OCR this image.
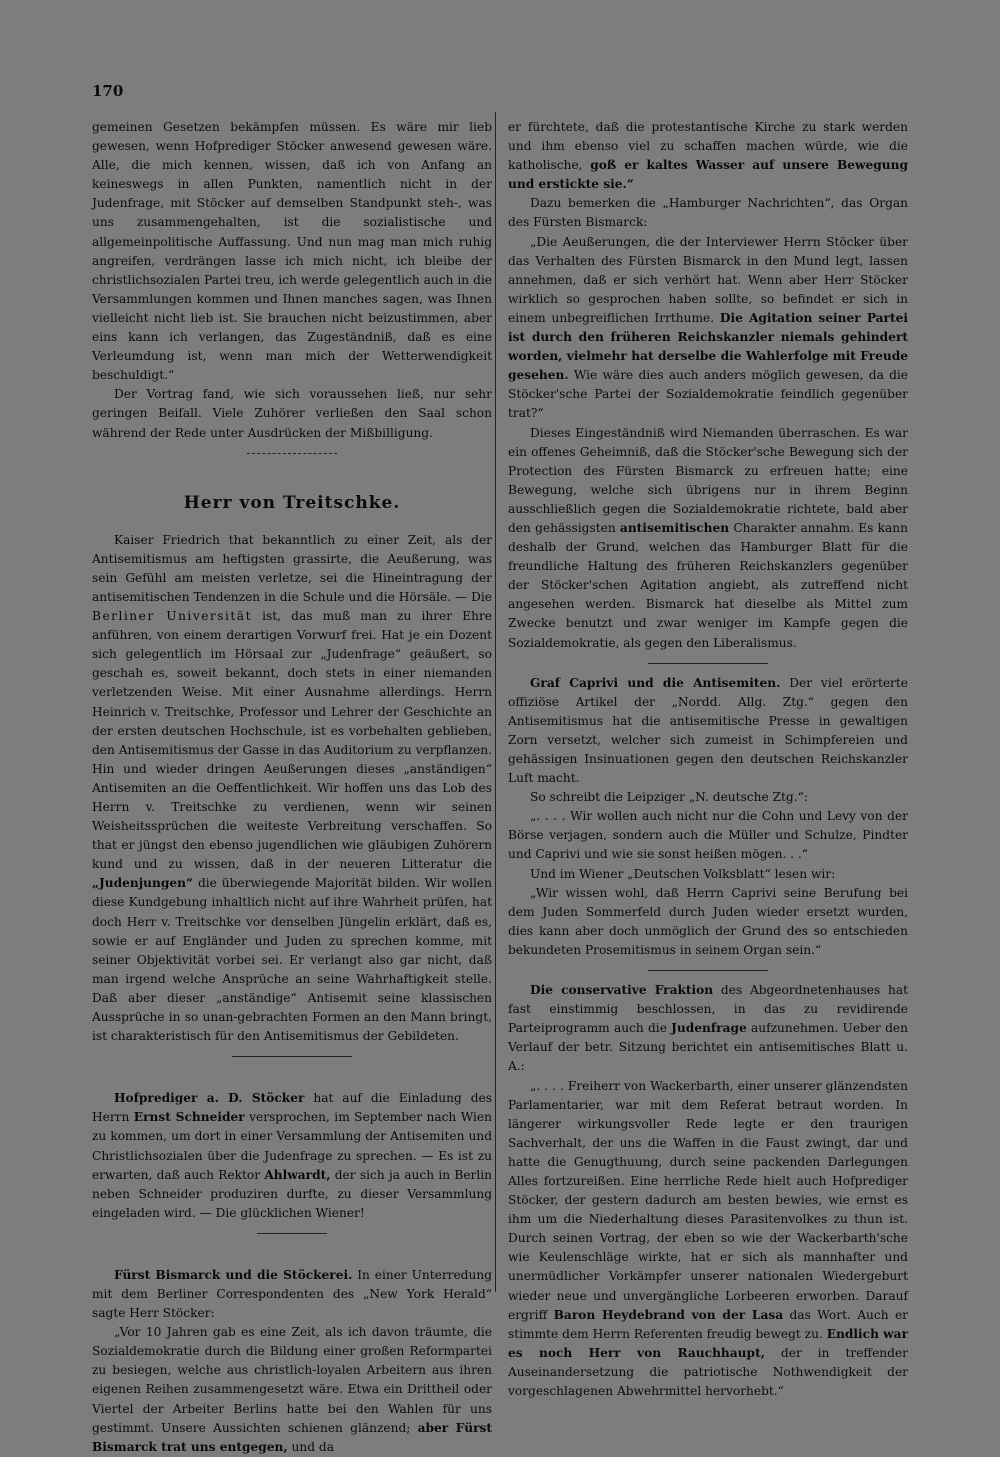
170

gemeinen Gesetzen bekämpfen müssen. Es wäre mir lieb gewesen, wenn Hofprediger Stöcker anwesend gewesen wäre. Alle, die mich kennen, wissen, daß ich von Anfang an keineswegs in allen Punkten, namentlich nicht in der Judenfrage, mit Stöcker auf demselben Standpunkt steh-, was uns zusammengehalten, ist die sozialistische und allgemeinpolitische Auffassung. Und nun mag man mich ruhig angreifen, verdrängen lasse ich mich nicht, ich bleibe der christlichsozialen Partei treu, ich werde gelegentlich auch in die Versammlungen kommen und Ihnen manches sagen, was Ihnen vielleicht nicht lieb ist. Sie brauchen nicht beizustimmen, aber eins kann ich verlangen, das Zugeständniß, daß es eine Verleumdung ist, wenn man mich der Wetterwendigkeit beschuldigt.“

Der Vortrag fand, wie sich voraussehen ließ, nur sehr geringen Beifall. Viele Zuhörer verließen den Saal schon während der Rede unter Ausdrücken der Mißbilligung.

Herr von Treitschke.

Kaiser Friedrich that bekanntlich zu einer Zeit, als der Antisemitismus am heftigsten grassirte, die Aeußerung, was sein Gefühl am meisten verletze, sei die Hineintragung der antisemitischen Tendenzen in die Schule und die Hörsäle. — Die Berliner Universität ist, das muß man zu ihrer Ehre anführen, von einem derartigen Vorwurf frei. Hat je ein Dozent sich gelegentlich im Hörsaal zur „Judenfrage“ geäußert, so geschah es, soweit bekannt, doch stets in einer niemanden verletzenden Weise. Mit einer Ausnahme allerdings. Herrn Heinrich v. Treitschke, Professor und Lehrer der Geschichte an der ersten deutschen Hochschule, ist es vorbehalten geblieben, den Antisemitismus der Gasse in das Auditorium zu verpflanzen. Hin und wieder dringen Aeußerungen dieses „anständigen“ Antisemiten an die Oeffentlichkeit. Wir hoffen uns das Lob des Herrn v. Treitschke zu verdienen, wenn wir seinen Weisheitssprüchen die weiteste Verbreitung verschaffen. So that er jüngst den ebenso jugendlichen wie gläubigen Zuhörern kund und zu wissen, daß in der neueren Litteratur die „Judenjungen“ die überwiegende Majorität bilden. Wir wollen diese Kundgebung inhaltlich nicht auf ihre Wahrheit prüfen, hat doch Herr v. Treitschke vor denselben Jüngelin erklärt, daß es, sowie er auf Engländer und Juden zu sprechen komme, mit seiner Objektivität vorbei sei. Er verlangt also gar nicht, daß man irgend welche Ansprüche an seine Wahrhaftigkeit stelle. Daß aber dieser „anständige“ Antisemit seine klassischen Aussprüche in so unan-gebrachten Formen an den Mann bringt, ist charakteristisch für den Antisemitismus der Gebildeten.

Hofprediger a. D. Stöcker hat auf die Einladung des Herrn Ernst Schneider versprochen, im September nach Wien zu kommen, um dort in einer Versammlung der Antisemiten und Christlichsozialen über die Judenfrage zu sprechen. — Es ist zu erwarten, daß auch Rektor Ahlwardt, der sich ja auch in Berlin neben Schneider produziren durfte, zu dieser Versammlung eingeladen wird. — Die glücklichen Wiener!

Fürst Bismarck und die Stöckerei. In einer Unterredung mit dem Berliner Correspondenten des „New York Herald“ sagte Herr Stöcker:

„Vor 10 Jahren gab es eine Zeit, als ich davon träumte, die Sozialdemokratie durch die Bildung einer großen Reformpartei zu besiegen, welche aus christlich-loyalen Arbeitern aus ihren eigenen Reihen zusammengesetzt wäre. Etwa ein Drittheil oder Viertel der Arbeiter Berlins hatte bei den Wahlen für uns gestimmt. Unsere Aussichten schienen glänzend; aber Fürst Bismarck trat uns entgegen, und da

er fürchtete, daß die protestantische Kirche zu stark werden und ihm ebenso viel zu schaffen machen würde, wie die katholische, goß er kaltes Wasser auf unsere Bewegung und erstickte sie.“

Dazu bemerken die „Hamburger Nachrichten“, das Organ des Fürsten Bismarck:

„Die Aeußerungen, die der Interviewer Herrn Stöcker über das Verhalten des Fürsten Bismarck in den Mund legt, lassen annehmen, daß er sich verhört hat. Wenn aber Herr Stöcker wirklich so gesprochen haben sollte, so befindet er sich in einem unbegreiflichen Irrthume. Die Agitation seiner Partei ist durch den früheren Reichskanzler niemals gehindert worden, vielmehr hat derselbe die Wahlerfolge mit Freude gesehen. Wie wäre dies auch anders möglich gewesen, da die Stöcker'sche Partei der Sozialdemokratie feindlich gegenüber trat?“

Dieses Eingeständniß wird Niemanden überraschen. Es war ein offenes Geheimniß, daß die Stöcker'sche Bewegung sich der Protection des Fürsten Bismarck zu erfreuen hatte; eine Bewegung, welche sich übrigens nur in ihrem Beginn ausschließlich gegen die Sozialdemokratie richtete, bald aber den gehässigsten antisemitischen Charakter annahm. Es kann deshalb der Grund, welchen das Hamburger Blatt für die freundliche Haltung des früheren Reichskanzlers gegenüber der Stöcker'schen Agitation angiebt, als zutreffend nicht angesehen werden. Bismarck hat dieselbe als Mittel zum Zwecke benutzt und zwar weniger im Kampfe gegen die Sozialdemokratie, als gegen den Liberalismus.

Graf Caprivi und die Antisemiten. Der viel erörterte offiziöse Artikel der „Nordd. Allg. Ztg.“ gegen den Antisemitismus hat die antisemitische Presse in gewaltigen Zorn versetzt, welcher sich zumeist in Schimpfereien und gehässigen Insinuationen gegen den deutschen Reichskanzler Luft macht.

So schreibt die Leipziger „N. deutsche Ztg.“:

„. . . . Wir wollen auch nicht nur die Cohn und Levy von der Börse verjagen, sondern auch die Müller und Schulze, Pindter und Caprivi und wie sie sonst heißen mögen. . .“

Und im Wiener „Deutschen Volksblatt“ lesen wir:

„Wir wissen wohl, daß Herrn Caprivi seine Berufung bei dem Juden Sommerfeld durch Juden wieder ersetzt wurden, dies kann aber doch unmöglich der Grund des so entschieden bekundeten Prosemitismus in seinem Organ sein.“

Die conservative Fraktion des Abgeordnetenhauses hat fast einstimmig beschlossen, in das zu revidirende Parteiprogramm auch die Judenfrage aufzunehmen. Ueber den Verlauf der betr. Sitzung berichtet ein antisemitisches Blatt u. A.:

„. . . . Freiherr von Wackerbarth, einer unserer glänzendsten Parlamentarier, war mit dem Referat betraut worden. In längerer wirkungsvoller Rede legte er den traurigen Sachverhalt, der uns die Waffen in die Faust zwingt, dar und hatte die Genugthuung, durch seine packenden Darlegungen Alles fortzureißen. Eine herrliche Rede hielt auch Hofprediger Stöcker, der gestern dadurch am besten bewies, wie ernst es ihm um die Niederhaltung dieses Parasitenvolkes zu thun ist. Durch seinen Vortrag, der eben so wie der Wackerbarth'sche wie Keulenschläge wirkte, hat er sich als mannhafter und unermüdlicher Vorkämpfer unserer nationalen Wiedergeburt wieder neue und unvergängliche Lorbeeren erworben. Darauf ergriff Baron Heydebrand von der Lasa das Wort. Auch er stimmte dem Herrn Referenten freudig bewegt zu. Endlich war es noch Herr von Rauchhaupt, der in treffender Auseinandersetzung die patriotische Nothwendigkeit der vorgeschlagenen Abwehrmittel hervorhebt.“
